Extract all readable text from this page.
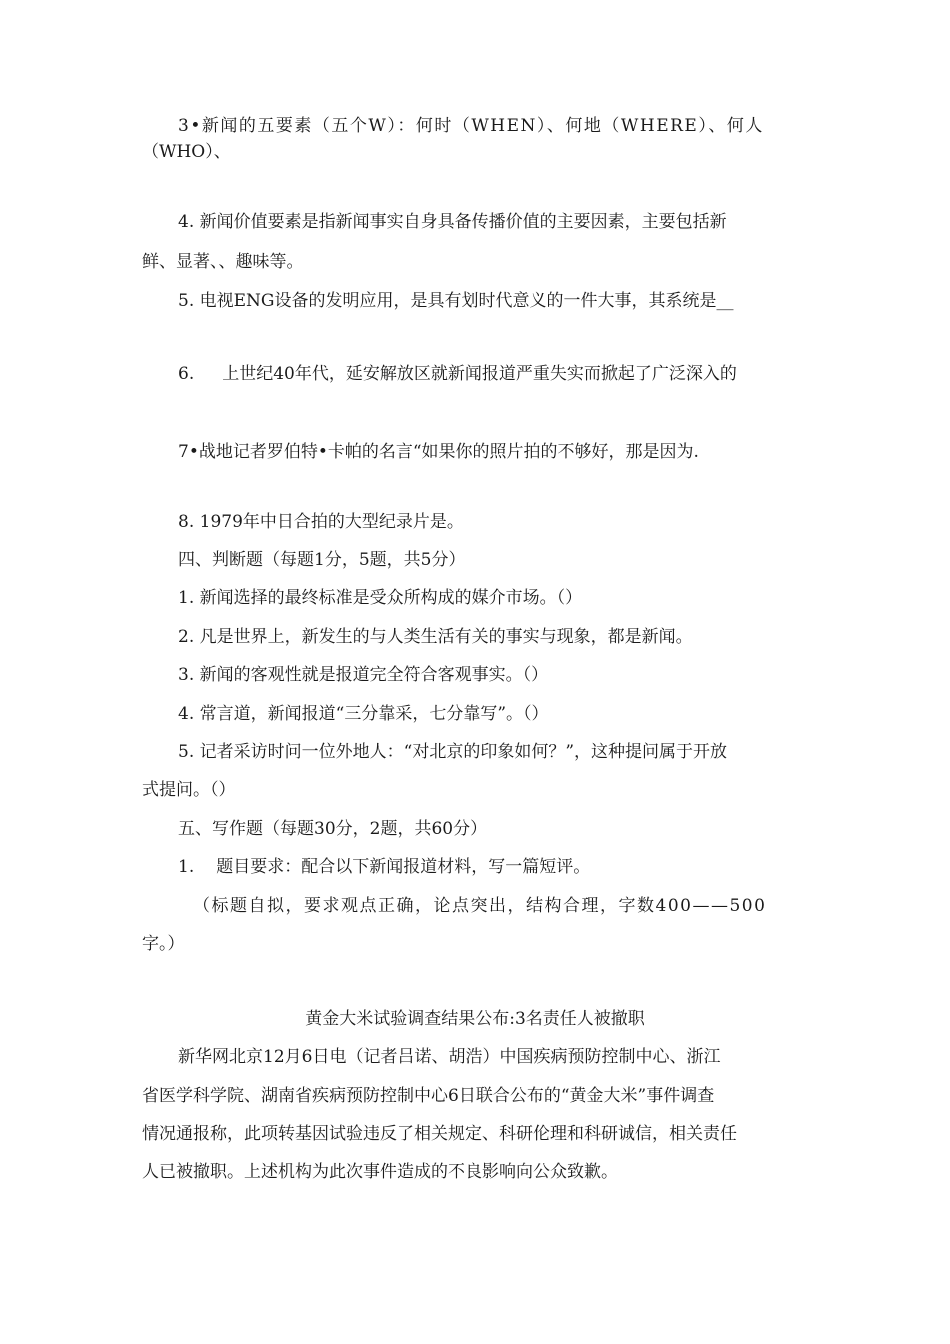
3•新闻的五要素（五个W）：何时（WHEN）、何地（WHERE）、何人
（WHO）、
4. 新闻价值要素是指新闻事实自身具备传播价值的主要因素，主要包括新
鲜、显著、、趣味等。
5. 电视ENG设备的发明应用，是具有划时代意义的一件大事，其系统是__
6. 上世纪40年代，延安解放区就新闻报道严重失实而掀起了广泛深入的
7•战地记者罗伯特•卡帕的名言“如果你的照片拍的不够好，那是因为.
8. 1979年中日合拍的大型纪录片是。
四、判断题（每题1分，5题，共5分）
1. 新闻选择的最终标准是受众所构成的媒介市场。（）
2. 凡是世界上，新发生的与人类生活有关的事实与现象，都是新闻。
3. 新闻的客观性就是报道完全符合客观事实。（）
4. 常言道，新闻报道“三分靠采，七分靠写”。（）
5. 记者采访时问一位外地人：“对北京的印象如何？”，这种提问属于开放
式提问。（）
五、写作题（每题30分，2题，共60分）
1. 题目要求：配合以下新闻报道材料，写一篇短评。
（标题自拟，要求观点正确，论点突出，结构合理，字数400——500
字。）
黄金大米试验调查结果公布:3名责任人被撤职
新华网北京12月6日电（记者吕诺、胡浩）中国疾病预防控制中心、浙江
省医学科学院、湖南省疾病预防控制中心6日联合公布的“黄金大米”事件调查
情况通报称，此项转基因试验违反了相关规定、科研伦理和科研诚信，相关责任
人已被撤职。上述机构为此次事件造成的不良影响向公众致歉。
